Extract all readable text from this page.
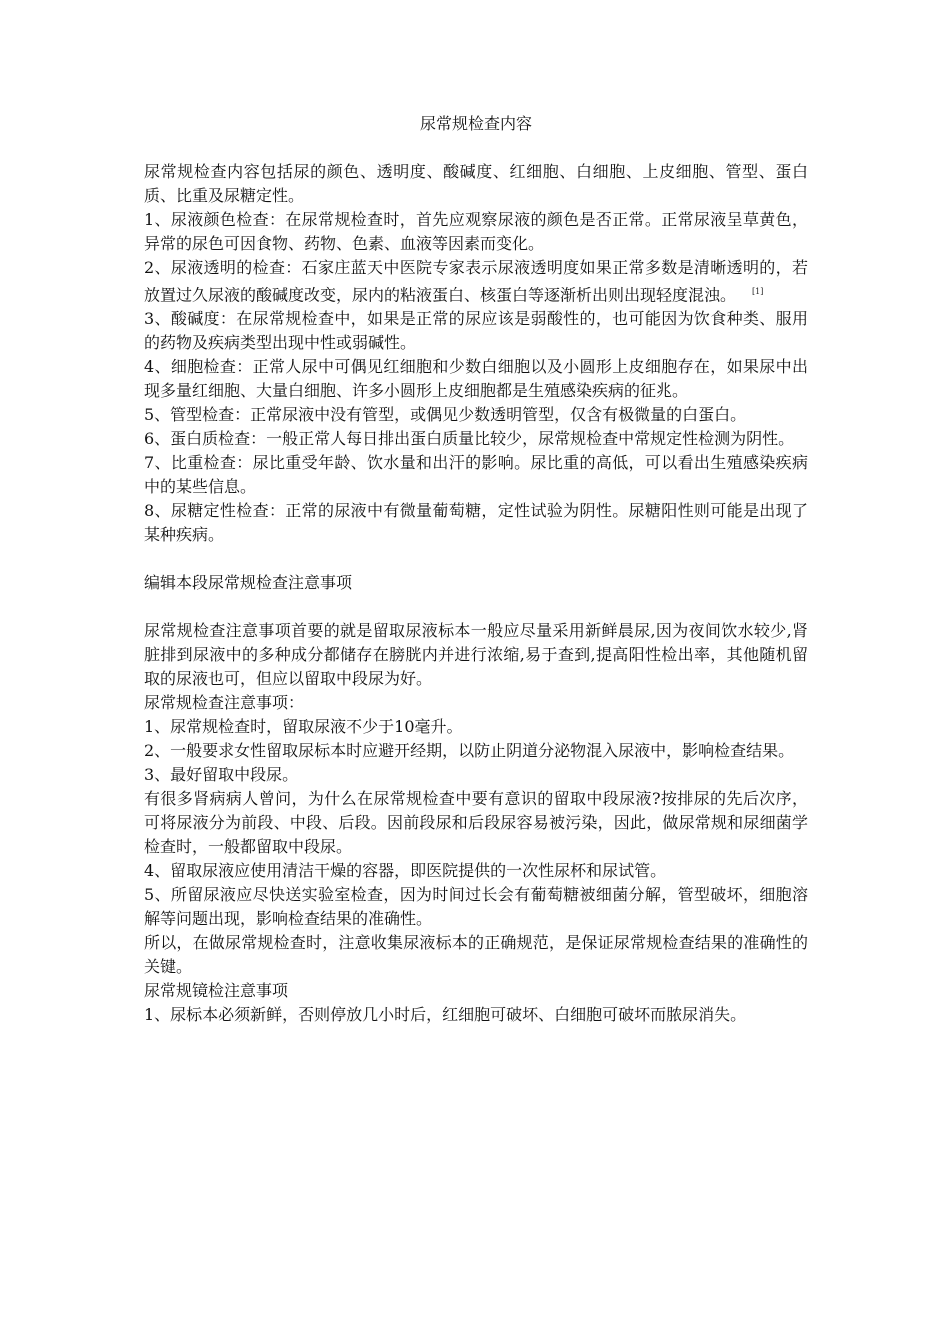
尿常规检查内容

尿常规检查内容包括尿的颜色、透明度、酸碱度、红细胞、白细胞、上皮细胞、管型、蛋白质、比重及尿糖定性。

1、尿液颜色检查：在尿常规检查时，首先应观察尿液的颜色是否正常。正常尿液呈草黄色，异常的尿色可因食物、药物、色素、血液等因素而变化。

2、尿液透明的检查：石家庄蓝天中医院专家表示尿液透明度如果正常多数是清晰透明的，若放置过久尿液的酸碱度改变，尿内的粘液蛋白、核蛋白等逐渐析出则出现轻度混浊。 [1]

3、酸碱度：在尿常规检查中，如果是正常的尿应该是弱酸性的，也可能因为饮食种类、服用的药物及疾病类型出现中性或弱碱性。

4、细胞检查：正常人尿中可偶见红细胞和少数白细胞以及小圆形上皮细胞存在，如果尿中出现多量红细胞、大量白细胞、许多小圆形上皮细胞都是生殖感染疾病的征兆。

5、管型检查：正常尿液中没有管型，或偶见少数透明管型，仅含有极微量的白蛋白。

6、蛋白质检查：一般正常人每日排出蛋白质量比较少，尿常规检查中常规定性检测为阴性。

7、比重检查：尿比重受年龄、饮水量和出汗的影响。尿比重的高低，可以看出生殖感染疾病中的某些信息。

8、尿糖定性检查：正常的尿液中有微量葡萄糖，定性试验为阴性。尿糖阳性则可能是出现了某种疾病。

编辑本段尿常规检查注意事项

尿常规检查注意事项首要的就是留取尿液标本一般应尽量采用新鲜晨尿,因为夜间饮水较少,肾脏排到尿液中的多种成分都储存在膀胱内并进行浓缩,易于查到,提高阳性检出率，其他随机留取的尿液也可，但应以留取中段尿为好。

尿常规检查注意事项：

1、尿常规检查时，留取尿液不少于10毫升。

2、一般要求女性留取尿标本时应避开经期，以防止阴道分泌物混入尿液中，影响检查结果。

3、最好留取中段尿。

有很多肾病病人曾问，为什么在尿常规检查中要有意识的留取中段尿液?按排尿的先后次序，可将尿液分为前段、中段、后段。因前段尿和后段尿容易被污染，因此，做尿常规和尿细菌学检查时，一般都留取中段尿。

4、留取尿液应使用清洁干燥的容器，即医院提供的一次性尿杯和尿试管。

5、所留尿液应尽快送实验室检查，因为时间过长会有葡萄糖被细菌分解，管型破坏，细胞溶解等问题出现，影响检查结果的准确性。

所以，在做尿常规检查时，注意收集尿液标本的正确规范，是保证尿常规检查结果的准确性的关键。

尿常规镜检注意事项

1、尿标本必须新鲜，否则停放几小时后，红细胞可破坏、白细胞可破坏而脓尿消失。
